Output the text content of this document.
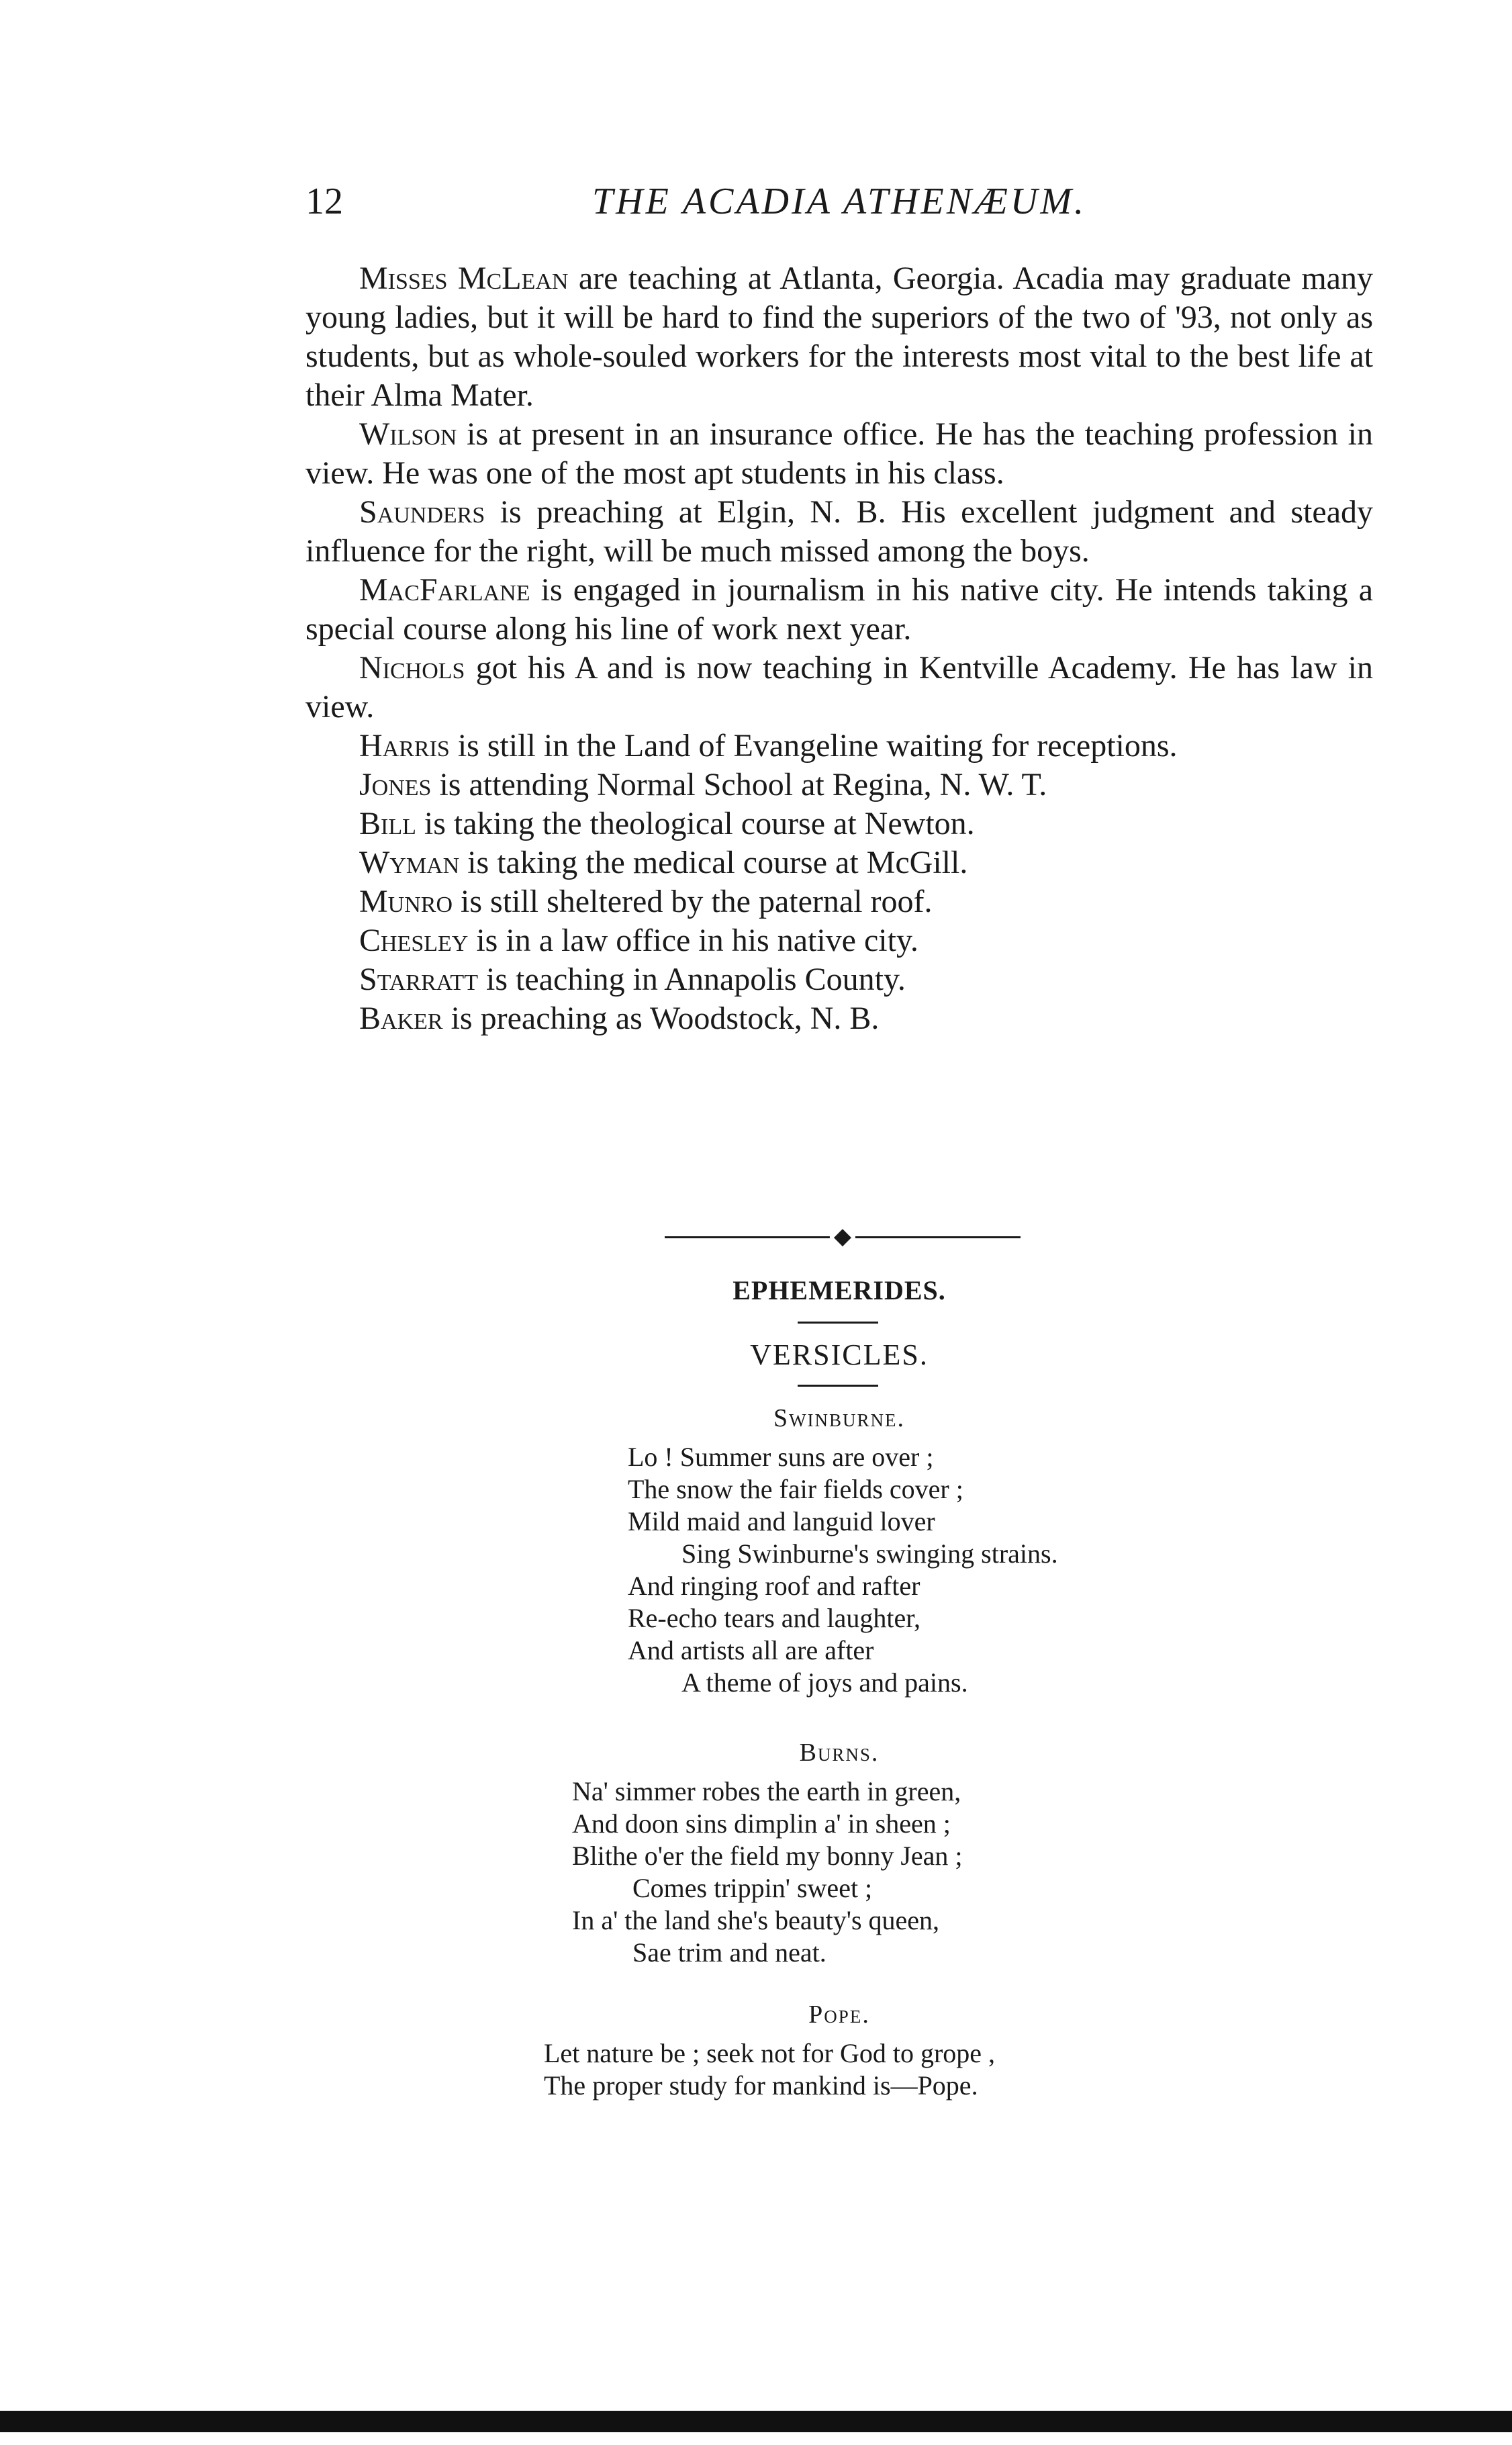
12	THE ACADIA ATHENÆUM.

Misses McLean are teaching at Atlanta, Georgia. Acadia may graduate many young ladies, but it will be hard to find the superiors of the two of '93, not only as students, but as whole-souled workers for the interests most vital to the best life at their Alma Mater.

Wilson is at present in an insurance office. He has the teaching profession in view. He was one of the most apt students in his class.

Saunders is preaching at Elgin, N. B. His excellent judgment and steady influence for the right, will be much missed among the boys.

MacFarlane is engaged in journalism in his native city. He intends taking a special course along his line of work next year.

Nichols got his A and is now teaching in Kentville Academy. He has law in view.

Harris is still in the Land of Evangeline waiting for receptions.

Jones is attending Normal School at Regina, N. W. T.

Bill is taking the theological course at Newton.

Wyman is taking the medical course at McGill.

Munro is still sheltered by the paternal roof.

Chesley is in a law office in his native city.

Starratt is teaching in Annapolis County.

Baker is preaching as Woodstock, N. B.

◆
EPHEMERIDES.
VERSICLES.
Swinburne.
Lo ! Summer suns are over ;
The snow the fair fields cover ;
Mild maid and languid lover
Sing Swinburne's swinging strains.
And ringing roof and rafter
Re-echo tears and laughter,
And artists all are after
A theme of joys and pains.
Burns.
Na' simmer robes the earth in green,
And doon sins dimplin a' in sheen ;
Blithe o'er the field my bonny Jean ;
Comes trippin' sweet ;
In a' the land she's beauty's queen,
Sae trim and neat.
Pope.
Let nature be ; seek not for God to grope ,
The proper study for mankind is—Pope.
